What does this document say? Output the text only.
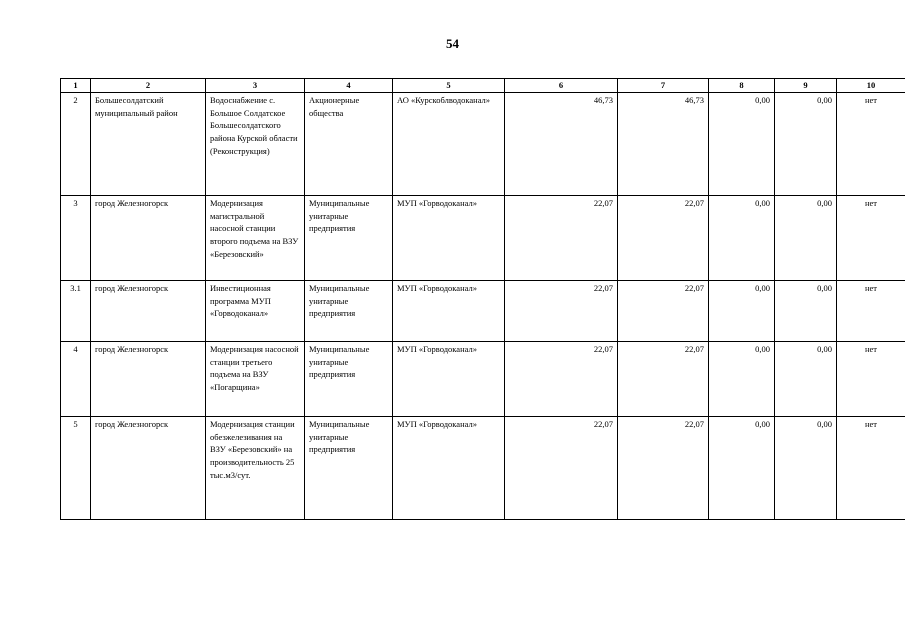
54
1	2	3	4	5	6	7	8	9	10
2	Большесолдатский муниципальный район	Водоснабжение с. Большое Солдатское Большесолдатского района Курской области (Реконструкция)	Акционерные общества	АО «Курскоблводоканал»	46,73	46,73	0,00	0,00	нет
3	город Железногорск	Модернизация магистральной насосной станции второго подъема на ВЗУ «Березовский»	Муниципальные унитарные предприятия	МУП «Горводоканал»	22,07	22,07	0,00	0,00	нет
3.1	город Железногорск	Инвестиционная программа МУП «Горводоканал»	Муниципальные унитарные предприятия	МУП «Горводоканал»	22,07	22,07	0,00	0,00	нет
4	город Железногорск	Модернизация насосной станции третьего подъема на ВЗУ «Погарщина»	Муниципальные унитарные предприятия	МУП «Горводоканал»	22,07	22,07	0,00	0,00	нет
5	город Железногорск	Модернизация станции обезжелезивания на ВЗУ «Березовский» на производительность 25 тыс.м3/сут.	Муниципальные унитарные предприятия	МУП «Горводоканал»	22,07	22,07	0,00	0,00	нет
